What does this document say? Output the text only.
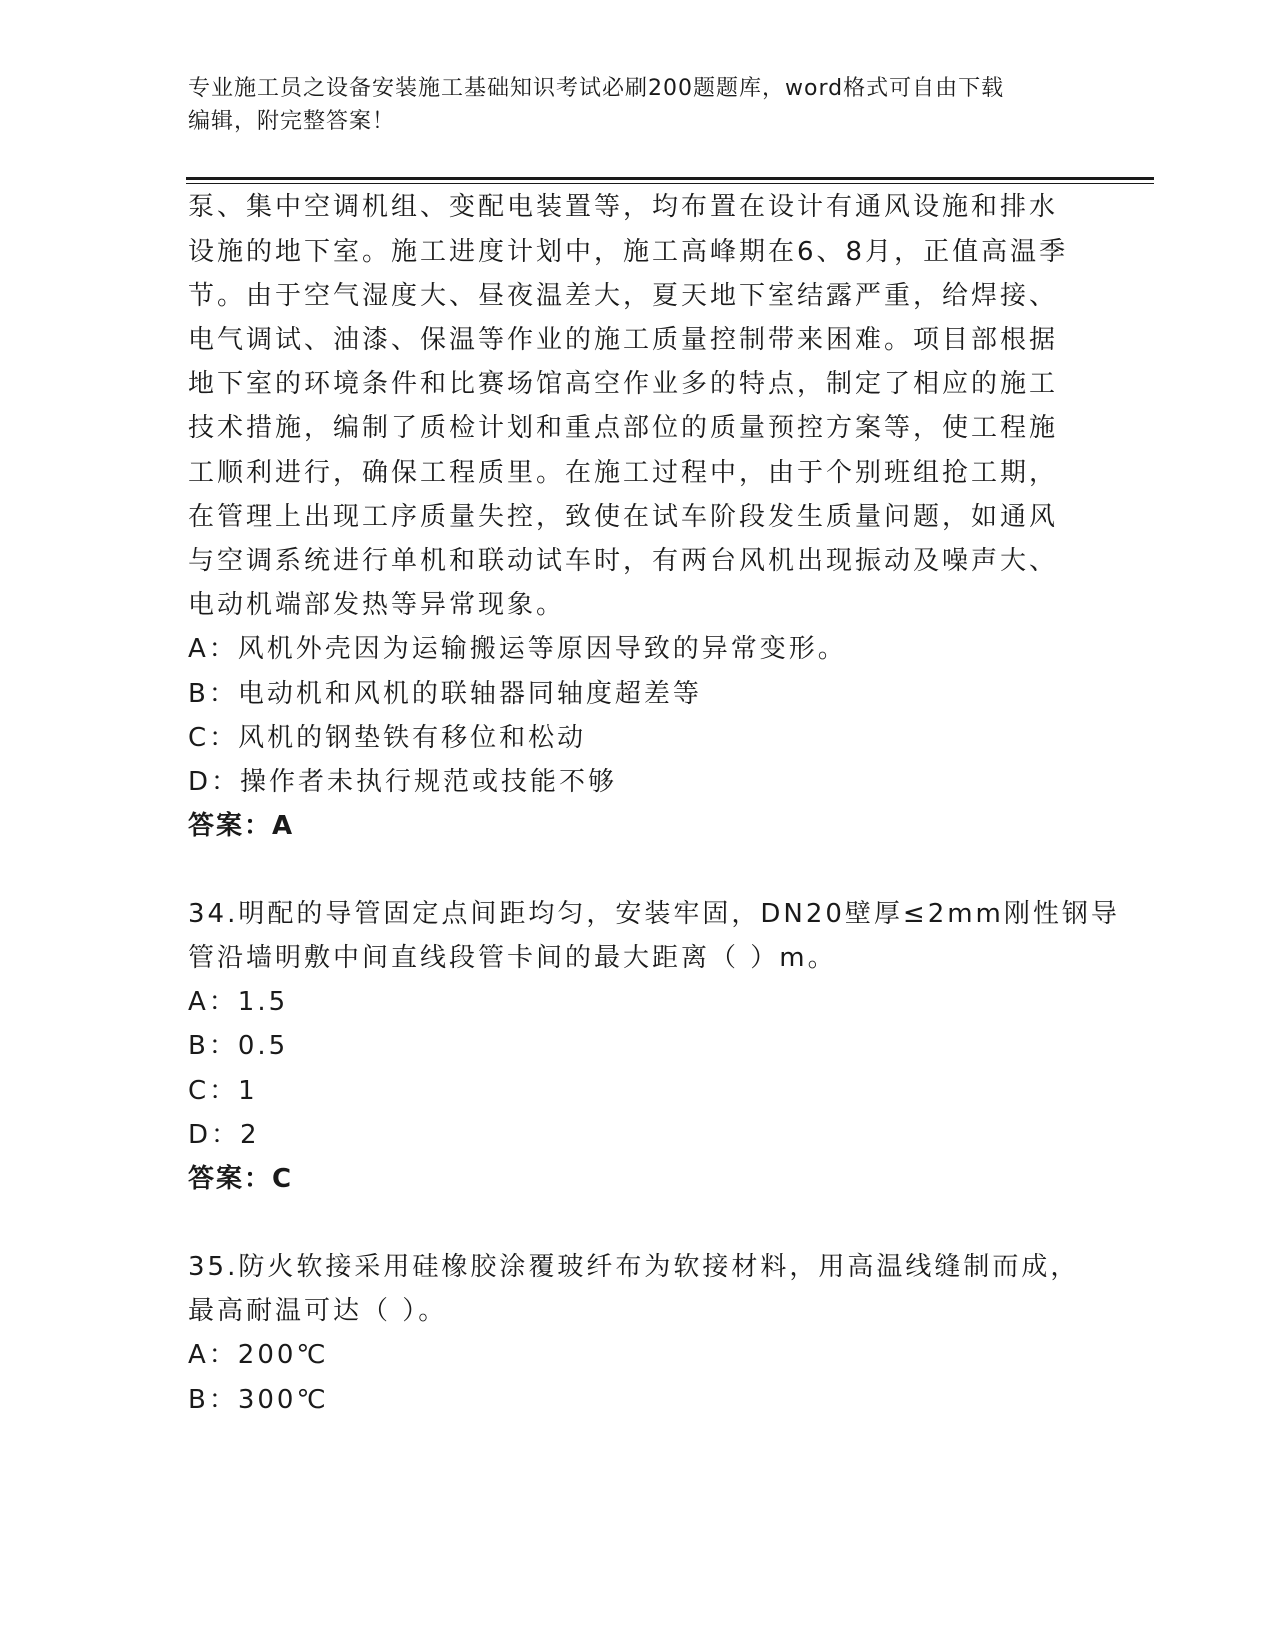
专业施工员之设备安装施工基础知识考试必刷200题题库，word格式可自由下载
编辑，附完整答案！
泵、集中空调机组、变配电装置等，均布置在设计有通风设施和排水
设施的地下室。施工进度计划中，施工高峰期在6、8月，正值高温季
节。由于空气湿度大、昼夜温差大，夏天地下室结露严重，给焊接、
电气调试、油漆、保温等作业的施工质量控制带来困难。项目部根据
地下室的环境条件和比赛场馆高空作业多的特点，制定了相应的施工
技术措施，编制了质检计划和重点部位的质量预控方案等，使工程施
工顺利进行，确保工程质里。在施工过程中，由于个别班组抢工期，
在管理上出现工序质量失控，致使在试车阶段发生质量问题，如通风
与空调系统进行单机和联动试车时，有两台风机出现振动及噪声大、
电动机端部发热等异常现象。
A：风机外壳因为运输搬运等原因导致的异常变形。
B：电动机和风机的联轴器同轴度超差等
C：风机的钢垫铁有移位和松动
D：操作者未执行规范或技能不够
答案：A
34.明配的导管固定点间距均匀，安装牢固，DN20壁厚≤2mm刚性钢导
管沿墙明敷中间直线段管卡间的最大距离（ ）m。
A：1.5
B：0.5
C：1
D：2
答案：C
35.防火软接采用硅橡胶涂覆玻纤布为软接材料，用高温线缝制而成，
最高耐温可达（ ）。
A：200℃
B：300℃
